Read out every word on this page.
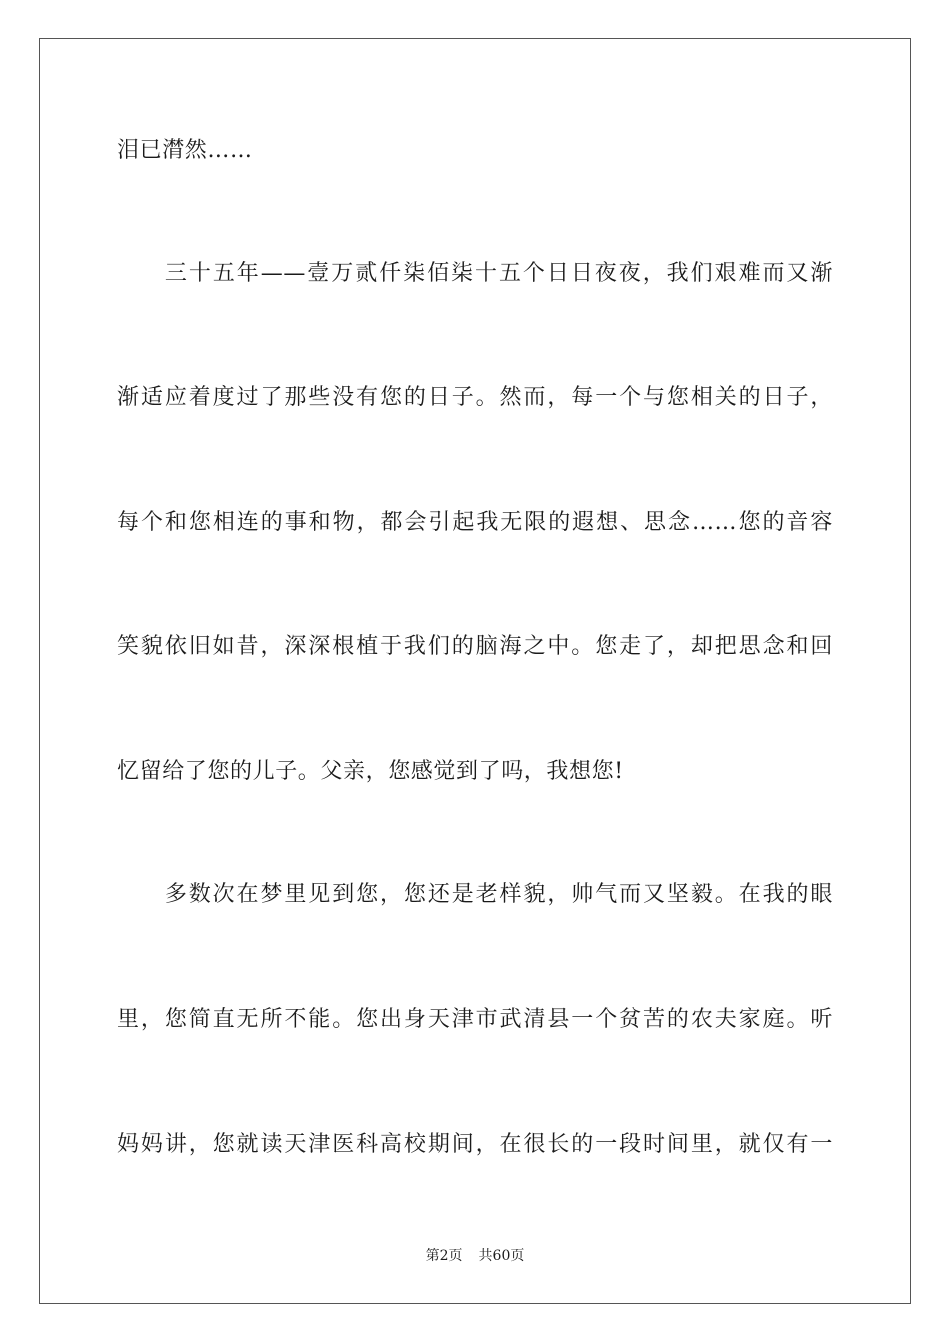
泪已潸然……
　　三十五年——壹万贰仟柒佰柒十五个日日夜夜，我们艰难而又渐
渐适应着度过了那些没有您的日子。然而，每一个与您相关的日子，
每个和您相连的事和物，都会引起我无限的遐想、思念……您的音容
笑貌依旧如昔，深深根植于我们的脑海之中。您走了，却把思念和回
忆留给了您的儿子。父亲，您感觉到了吗，我想您!
　　多数次在梦里见到您，您还是老样貌，帅气而又坚毅。在我的眼
里，您简直无所不能。您出身天津市武清县一个贫苦的农夫家庭。听
妈妈讲，您就读天津医科高校期间，在很长的一段时间里，就仅有一
第2页 共60页
